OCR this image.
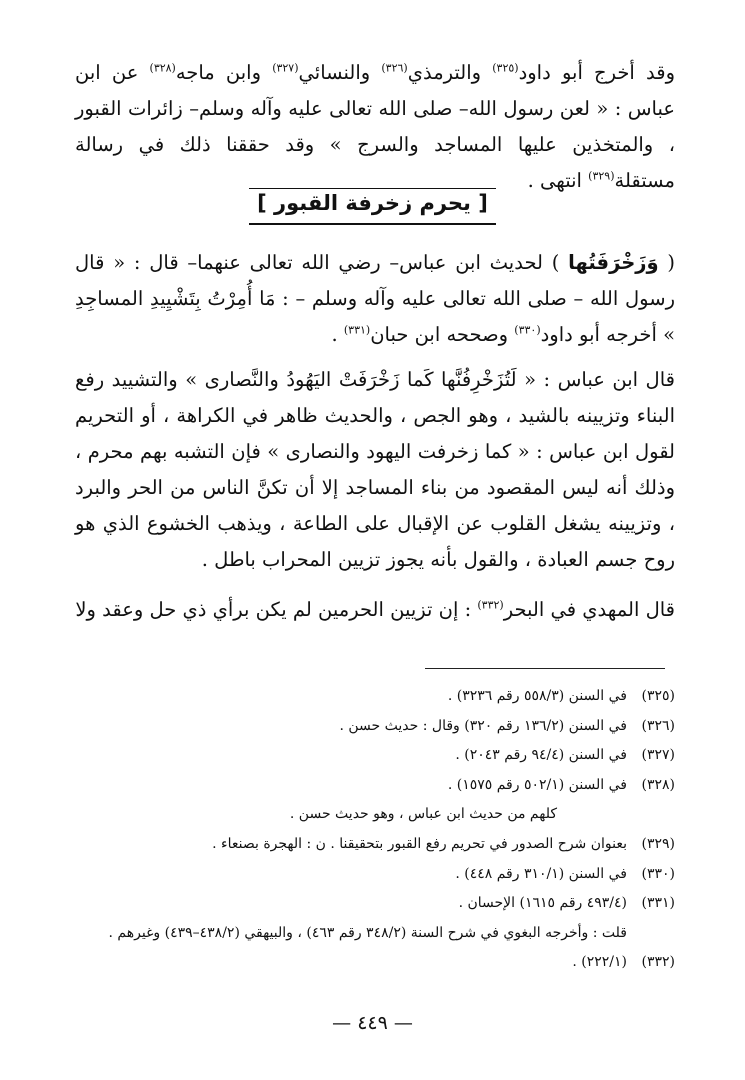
وقد أخرج أبو داود$^{(٣٢٥)}$ والترمذي$^{(٣٢٦)}$ والنسائي$^{(٣٢٧)}$ وابن ماجه$^{(٣٢٨)}$ عن ابن عباس : « لعن رسول الله– صلى الله تعالى عليه وآله وسلم– زائرات القبور ، والمتخذين عليها المساجد والسرج » وقد حققنا ذلك في رسالة مستقلة$^{(٣٢٩)}$ انتهى .
[ يحرم زخرفة القبور ]
( وَزَخْرَفَتُها ) لحديث ابن عباس– رضي الله تعالى عنهما– قال : « قال رسول الله – صلى الله تعالى عليه وآله وسلم – : مَا أُمِرْتُ بِتَشْيِيدِ المساجِدِ » أخرجه أبو داود$^{(٣٣٠)}$ وصححه ابن حبان$^{(٣٣١)}$ .
قال ابن عباس : « لَتُزَخْرِفُنَّها كَما زَخْرَفَتْ اليَهُودُ والنَّصارى » والتشييد رفع البناء وتزيينه بالشيد ، وهو الجص ، والحديث ظاهر في الكراهة ، أو التحريم لقول ابن عباس : « كما زخرفت اليهود والنصارى » فإن التشبه بهم محرم ، وذلك أنه ليس المقصود من بناء المساجد إلا أن تكنَّ الناس من الحر والبرد ، وتزيينه يشغل القلوب عن الإقبال على الطاعة ، ويذهب الخشوع الذي هو روح جسم العبادة ، والقول بأنه يجوز تزيين المحراب باطل .
قال المهدي في البحر$^{(٣٣٢)}$ : إن تزيين الحرمين لم يكن برأي ذي حل وعقد ولا
(٣٢٥)
في السنن (٥٥٨/٣ رقم ٣٢٣٦) .
(٣٢٦)
في السنن (١٣٦/٢ رقم ٣٢٠) وقال : حديث حسن .
(٣٢٧)
في السنن (٩٤/٤ رقم ٢٠٤٣) .
(٣٢٨)
في السنن (٥٠٢/١ رقم ١٥٧٥) .
كلهم من حديث ابن عباس ، وهو حديث حسن .
(٣٢٩)
بعنوان شرح الصدور في تحريم رفع القبور بتحقيقنا . ن : الهجرة بصنعاء .
(٣٣٠)
في السنن (٣١٠/١ رقم ٤٤٨) .
(٣٣١)
(٤٩٣/٤ رقم ١٦١٥) الإحسان .
قلت : وأخرجه البغوي في شرح السنة (٣٤٨/٢ رقم ٤٦٣) ، والبيهقي (٤٣٨/٢–٤٣٩) وغيرهم .
(٣٣٢)
(٢٢٢/١) .
— ٤٤٩ —
